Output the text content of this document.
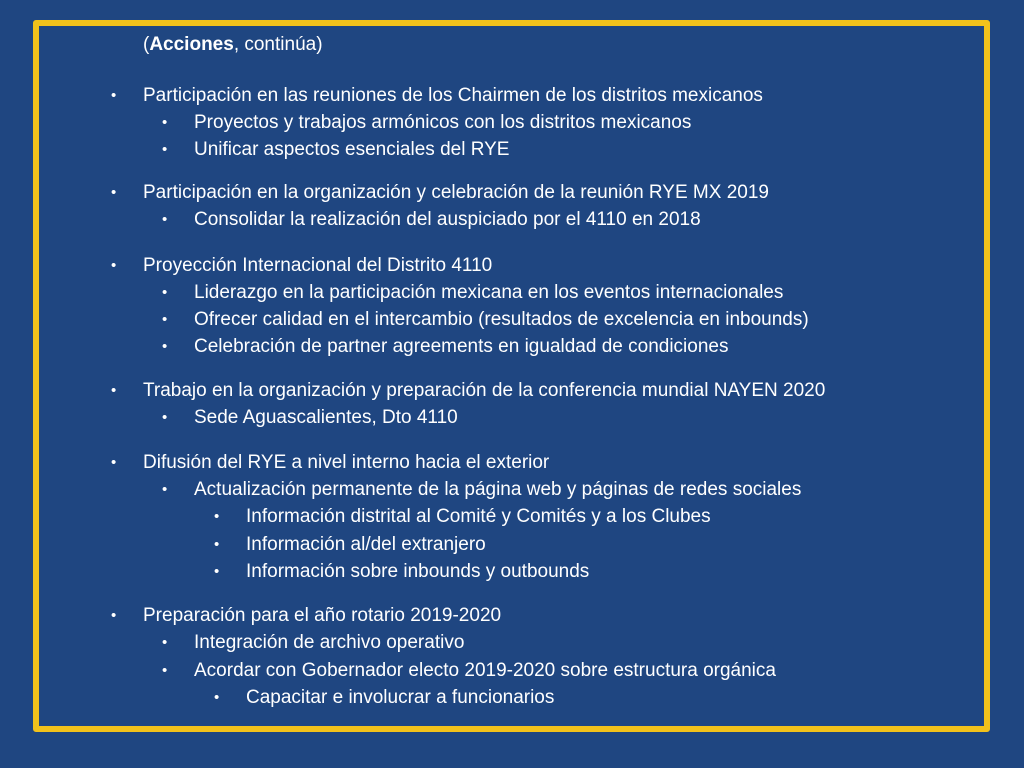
(Acciones, continúa)
• Participación en las reuniones de los Chairmen de los distritos mexicanos
• Proyectos y trabajos armónicos con los distritos mexicanos
• Unificar aspectos esenciales del RYE
• Participación en la organización y celebración de la reunión RYE MX 2019
• Consolidar la realización del auspiciado por el 4110 en 2018
• Proyección Internacional del Distrito 4110
• Liderazgo en la participación mexicana en los eventos internacionales
• Ofrecer calidad en el intercambio (resultados de excelencia en inbounds)
• Celebración de partner agreements en igualdad de condiciones
• Trabajo en la organización y preparación de la conferencia mundial NAYEN 2020
• Sede Aguascalientes, Dto 4110
• Difusión del RYE a nivel interno hacia el exterior
• Actualización permanente de la página web y páginas de redes sociales
• Información distrital al Comité y Comités y a los Clubes
• Información al/del extranjero
• Información sobre inbounds y outbounds
• Preparación para el año rotario 2019-2020
• Integración de archivo operativo
• Acordar con Gobernador electo 2019-2020 sobre estructura orgánica
• Capacitar e involucrar a funcionarios
